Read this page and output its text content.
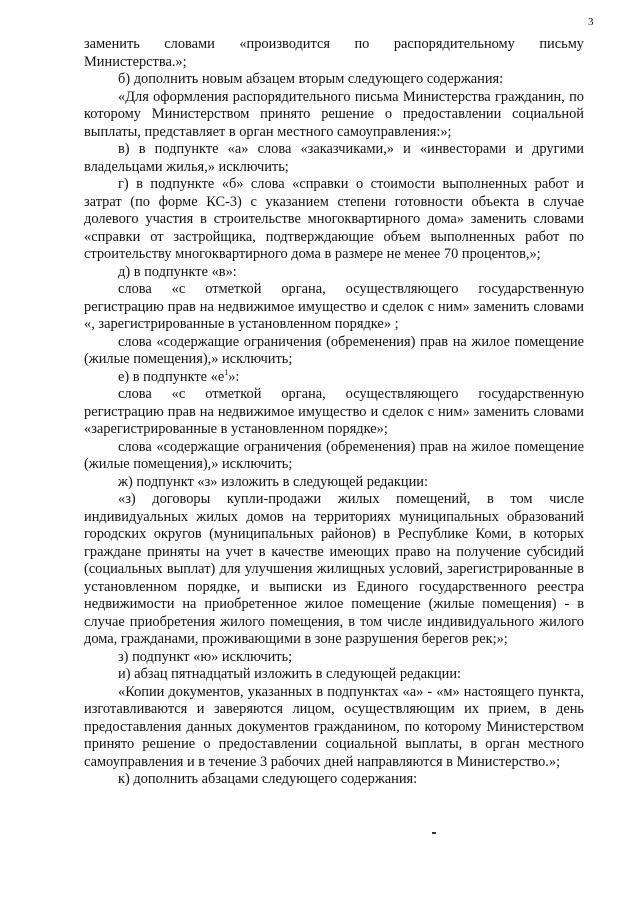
3

заменить словами «производится по распорядительному письму Министерства.»;

б) дополнить новым абзацем вторым следующего содержания:

«Для оформления распорядительного письма Министерства гражданин, по которому Министерством принято решение о предоставлении социальной выплаты, представляет в орган местного самоуправления:»;

в) в подпункте «а» слова «заказчиками,» и «инвесторами и другими владельцами жилья,» исключить;

г) в подпункте «б» слова «справки о стоимости выполненных работ и затрат (по форме КС-3) с указанием степени готовности объекта в случае долевого участия в строительстве многоквартирного дома» заменить словами «справки от застройщика, подтверждающие объем выполненных работ по строительству многоквартирного дома в размере не менее 70 процентов,»;

д) в подпункте «в»:

слова «с отметкой органа, осуществляющего государственную регистрацию прав на недвижимое имущество и сделок с ним» заменить словами «, зарегистрированные в установленном порядке» ;

слова «содержащие ограничения (обременения) прав на жилое помещение (жилые помещения),» исключить;

е) в подпункте «$е^1$»:

слова «с отметкой органа, осуществляющего государственную регистрацию прав на недвижимое имущество и сделок с ним» заменить словами «зарегистрированные в установленном порядке»;

слова «содержащие ограничения (обременения) прав на жилое помещение (жилые помещения),» исключить;

ж) подпункт «з» изложить в следующей редакции:

«з) договоры купли-продажи жилых помещений, в том числе индивидуальных жилых домов на территориях муниципальных образований городских округов (муниципальных районов) в Республике Коми, в которых граждане приняты на учет в качестве имеющих право на получение субсидий (социальных выплат) для улучшения жилищных условий, зарегистрированные в установленном порядке, и выписки из Единого государственного реестра недвижимости на приобретенное жилое помещение (жилые помещения) - в случае приобретения жилого помещения, в том числе индивидуального жилого дома, гражданами, проживающими в зоне разрушения берегов рек;»;

з) подпункт «ю» исключить;

и) абзац пятнадцатый изложить в следующей редакции:

«Копии документов, указанных в подпунктах «а» - «м» настоящего пункта, изготавливаются и заверяются лицом, осуществляющим их прием, в день предоставления данных документов гражданином, по которому Министерством принято решение о предоставлении социальной выплаты, в орган местного самоуправления и в течение 3 рабочих дней направляются в Министерство.»;

к) дополнить абзацами следующего содержания:
